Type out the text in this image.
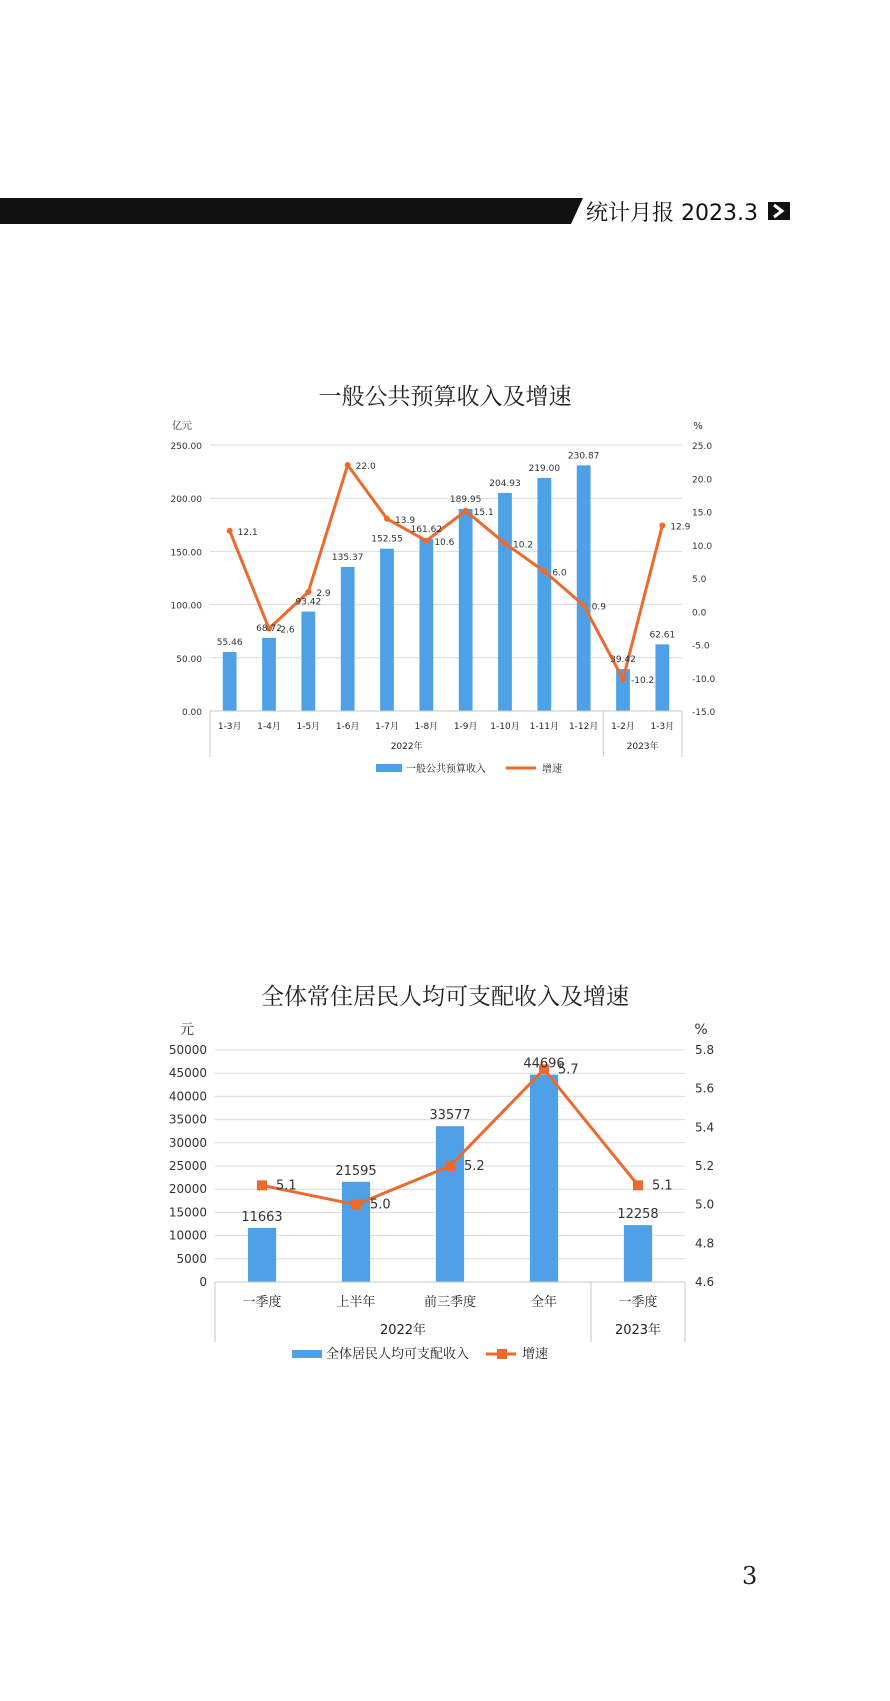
统计月报 2023.3
一般公共预算收入及增速
250.00
200.00
150.00
100.00
50.00
0.00
25.0
20.0
15.0
10.0
5.0
0.0
-5.0
-10.0
-15.0
亿元	%
55.46
68.72
93.42
135.37
152.55
161.62
189.95
204.93
219.00
230.87
39.42
62.61
12.1
-2.6
2.9
22.0
13.9
10.6
15.1
10.2
6.0
0.9
-10.2
12.9
1-3月 1-4月 1-5月 1-6月 1-7月 1-8月 1-9月 1-10月 1-11月 1-12月 1-2月 1-3月
2022年	2023年
一般公共预算收入	增速
全体常住居民人均可支配收入及增速
50000
45000
40000
35000
30000
25000
20000
15000
10000
5000
0
5.8
5.6
5.4
5.2
5.0
4.8
4.6
元	%
11663
21595
33577
44696
12258
5.1
5.0
5.2
5.7
5.1
一季度	上半年	前三季度	全年	一季度
2022年	2023年
全体居民人均可支配收入	增速
3
